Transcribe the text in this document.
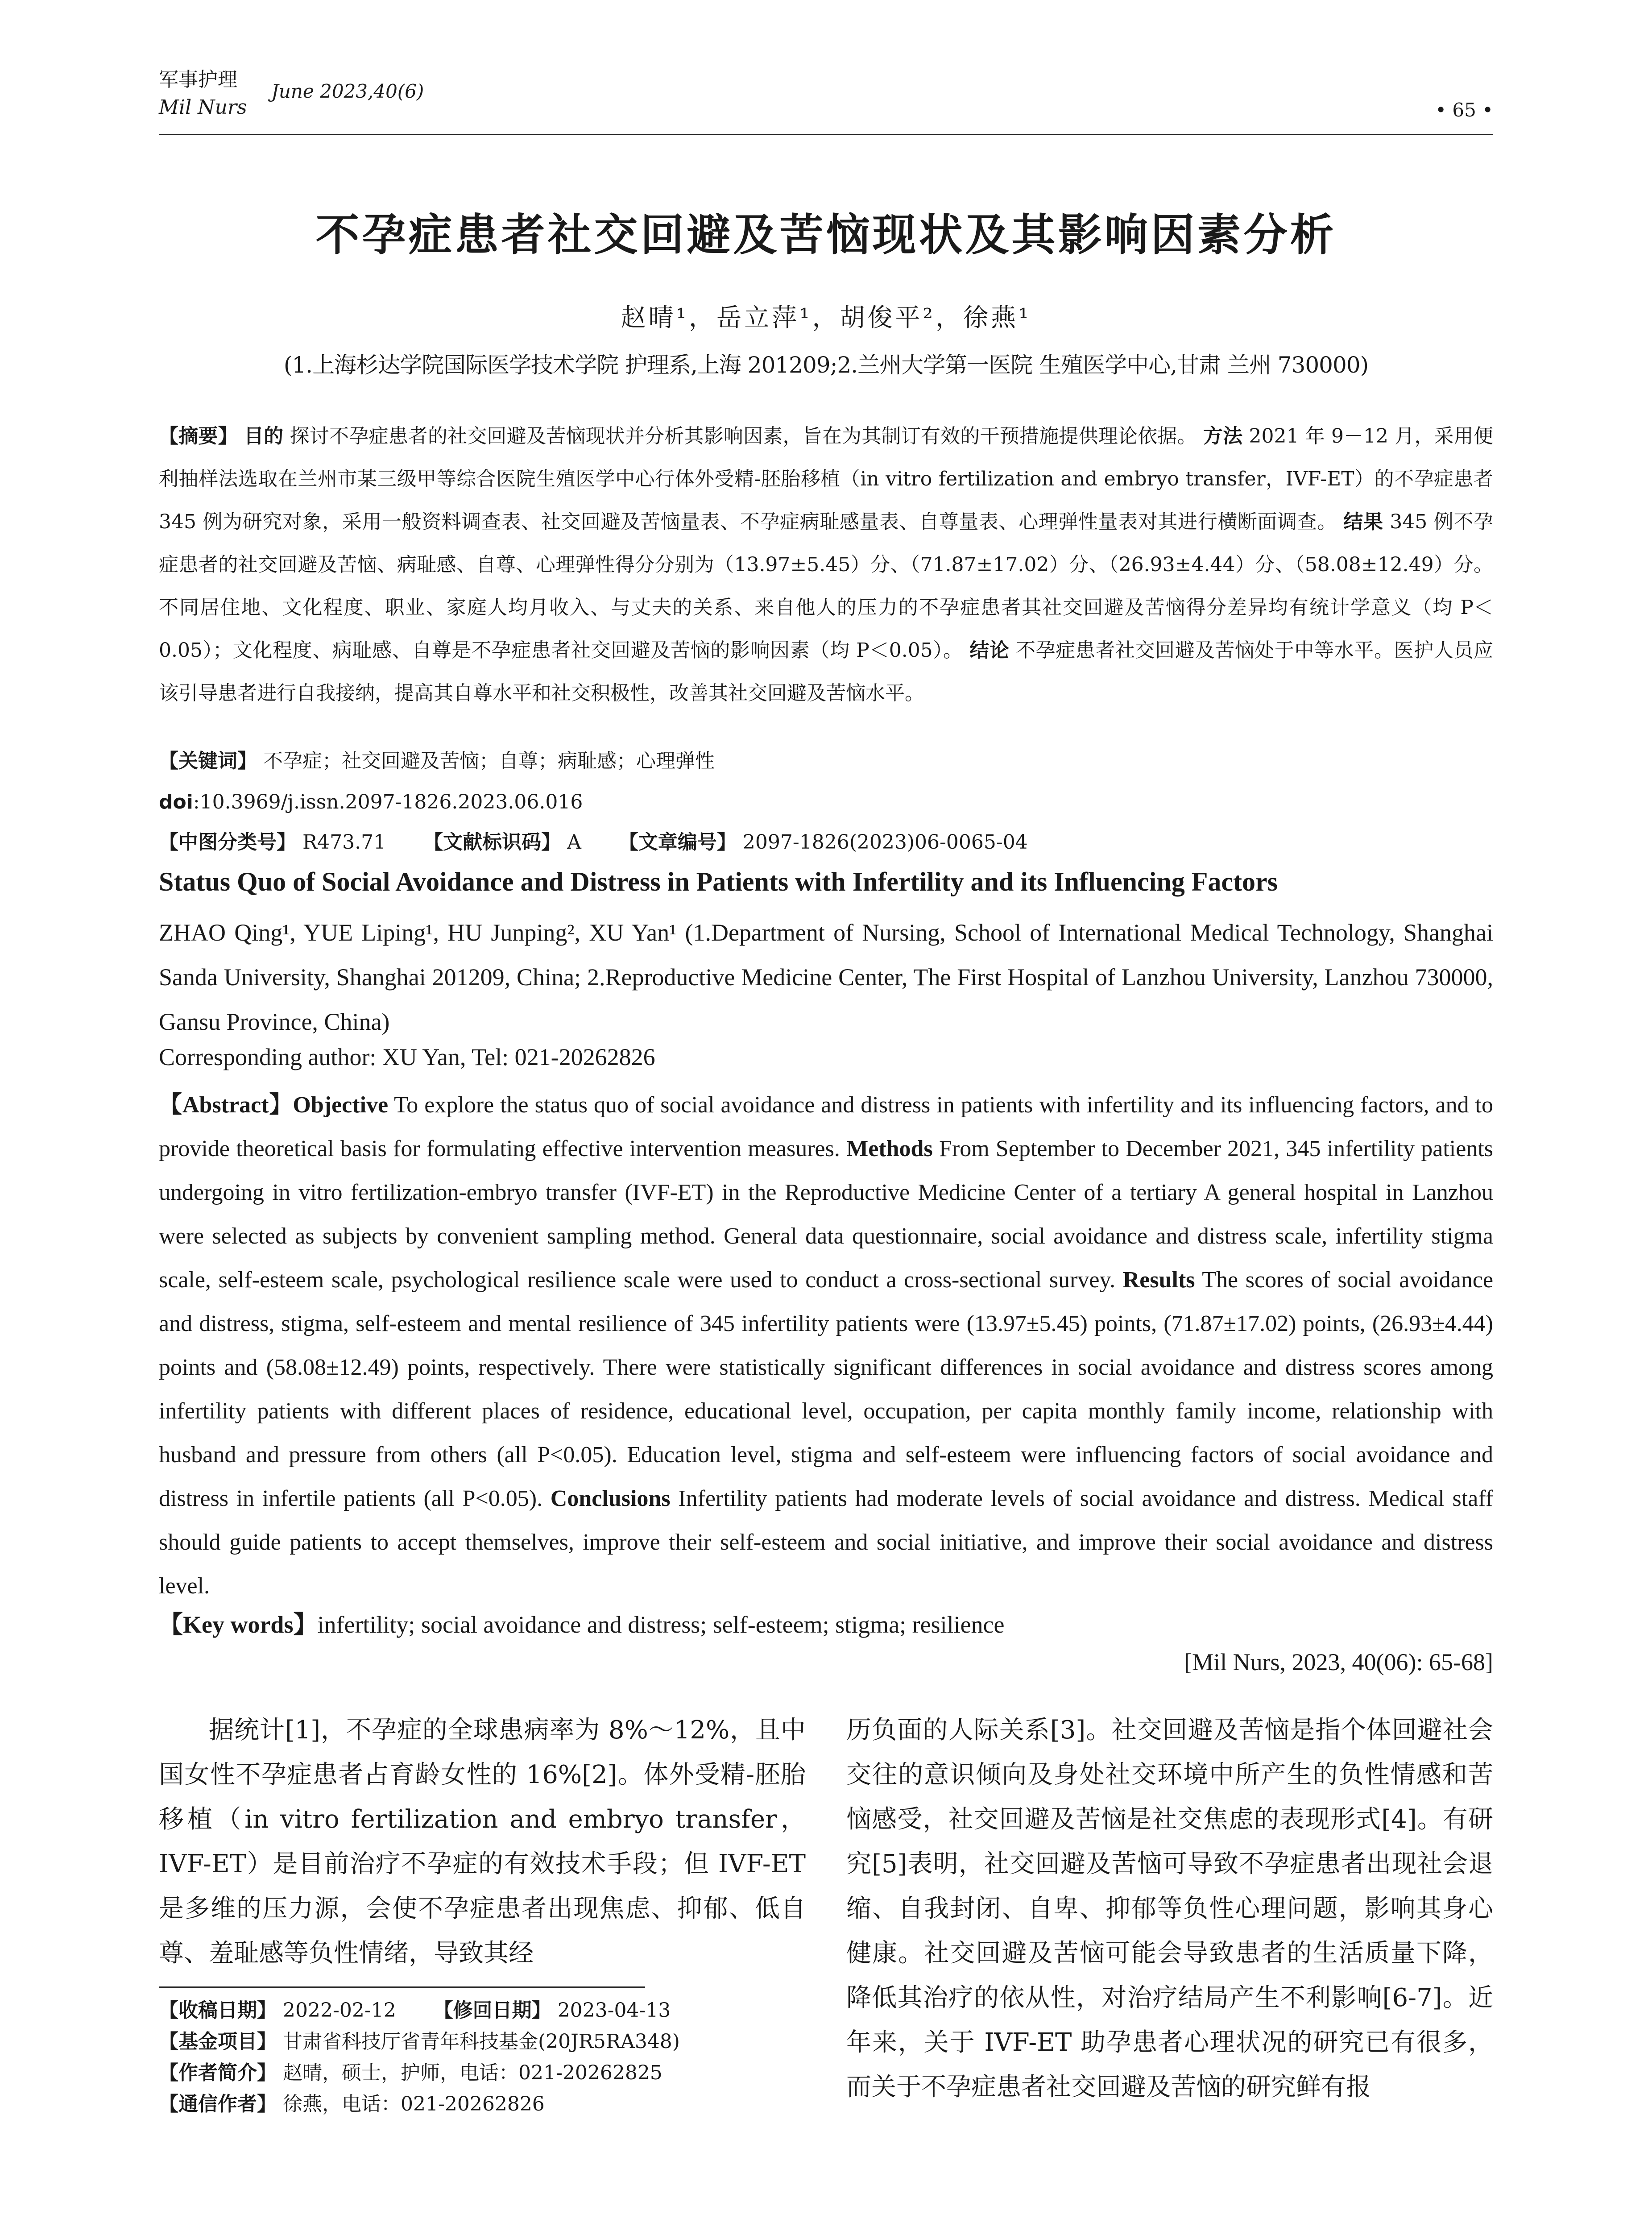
军事护理
Mil Nurs
June 2023,40(6)
• 65 •
不孕症患者社交回避及苦恼现状及其影响因素分析
赵晴¹，岳立萍¹，胡俊平²，徐燕¹
(1.上海杉达学院国际医学技术学院 护理系,上海 201209;2.兰州大学第一医院 生殖医学中心,甘肃 兰州 730000)
【摘要】 目的 探讨不孕症患者的社交回避及苦恼现状并分析其影响因素，旨在为其制订有效的干预措施提供理论依据。 方法 2021 年 9－12 月，采用便利抽样法选取在兰州市某三级甲等综合医院生殖医学中心行体外受精-胚胎移植（in vitro fertilization and embryo transfer，IVF-ET）的不孕症患者 345 例为研究对象，采用一般资料调查表、社交回避及苦恼量表、不孕症病耻感量表、自尊量表、心理弹性量表对其进行横断面调查。 结果 345 例不孕症患者的社交回避及苦恼、病耻感、自尊、心理弹性得分分别为（13.97±5.45）分、（71.87±17.02）分、（26.93±4.44）分、（58.08±12.49）分。不同居住地、文化程度、职业、家庭人均月收入、与丈夫的关系、来自他人的压力的不孕症患者其社交回避及苦恼得分差异均有统计学意义（均 P＜0.05）；文化程度、病耻感、自尊是不孕症患者社交回避及苦恼的影响因素（均 P＜0.05）。 结论 不孕症患者社交回避及苦恼处于中等水平。医护人员应该引导患者进行自我接纳，提高其自尊水平和社交积极性，改善其社交回避及苦恼水平。
【关键词】 不孕症；社交回避及苦恼；自尊；病耻感；心理弹性
doi:10.3969/j.issn.2097-1826.2023.06.016
【中图分类号】 R473.71 【文献标识码】 A 【文章编号】 2097-1826(2023)06-0065-04
Status Quo of Social Avoidance and Distress in Patients with Infertility and its Influencing Factors
ZHAO Qing¹, YUE Liping¹, HU Junping², XU Yan¹ (1.Department of Nursing, School of International Medical Technology, Shanghai Sanda University, Shanghai 201209, China; 2.Reproductive Medicine Center, The First Hospital of Lanzhou University, Lanzhou 730000, Gansu Province, China)
Corresponding author: XU Yan, Tel: 021-20262826
【Abstract】Objective To explore the status quo of social avoidance and distress in patients with infertility and its influencing factors, and to provide theoretical basis for formulating effective intervention measures. Methods From September to December 2021, 345 infertility patients undergoing in vitro fertilization-embryo transfer (IVF-ET) in the Reproductive Medicine Center of a tertiary A general hospital in Lanzhou were selected as subjects by convenient sampling method. General data questionnaire, social avoidance and distress scale, infertility stigma scale, self-esteem scale, psychological resilience scale were used to conduct a cross-sectional survey. Results The scores of social avoidance and distress, stigma, self-esteem and mental resilience of 345 infertility patients were (13.97±5.45) points, (71.87±17.02) points, (26.93±4.44) points and (58.08±12.49) points, respectively. There were statistically significant differences in social avoidance and distress scores among infertility patients with different places of residence, educational level, occupation, per capita monthly family income, relationship with husband and pressure from others (all P<0.05). Education level, stigma and self-esteem were influencing factors of social avoidance and distress in infertile patients (all P<0.05). Conclusions Infertility patients had moderate levels of social avoidance and distress. Medical staff should guide patients to accept themselves, improve their self-esteem and social initiative, and improve their social avoidance and distress level.
【Key words】infertility; social avoidance and distress; self-esteem; stigma; resilience
[Mil Nurs, 2023, 40(06): 65-68]
据统计[1]，不孕症的全球患病率为 8%～12%，且中国女性不孕症患者占育龄女性的 16%[2]。体外受精-胚胎移植（in vitro fertilization and embryo transfer，IVF-ET）是目前治疗不孕症的有效技术手段；但 IVF-ET 是多维的压力源，会使不孕症患者出现焦虑、抑郁、低自尊、羞耻感等负性情绪，导致其经
历负面的人际关系[3]。社交回避及苦恼是指个体回避社会交往的意识倾向及身处社交环境中所产生的负性情感和苦恼感受，社交回避及苦恼是社交焦虑的表现形式[4]。有研究[5]表明，社交回避及苦恼可导致不孕症患者出现社会退缩、自我封闭、自卑、抑郁等负性心理问题，影响其身心健康。社交回避及苦恼可能会导致患者的生活质量下降，降低其治疗的依从性，对治疗结局产生不利影响[6-7]。近年来，关于 IVF-ET 助孕患者心理状况的研究已有很多，而关于不孕症患者社交回避及苦恼的研究鲜有报
【收稿日期】 2022-02-12 【修回日期】 2023-04-13
【基金项目】 甘肃省科技厅省青年科技基金(20JR5RA348)
【作者简介】 赵晴，硕士，护师，电话：021-20262825
【通信作者】 徐燕，电话：021-20262826
